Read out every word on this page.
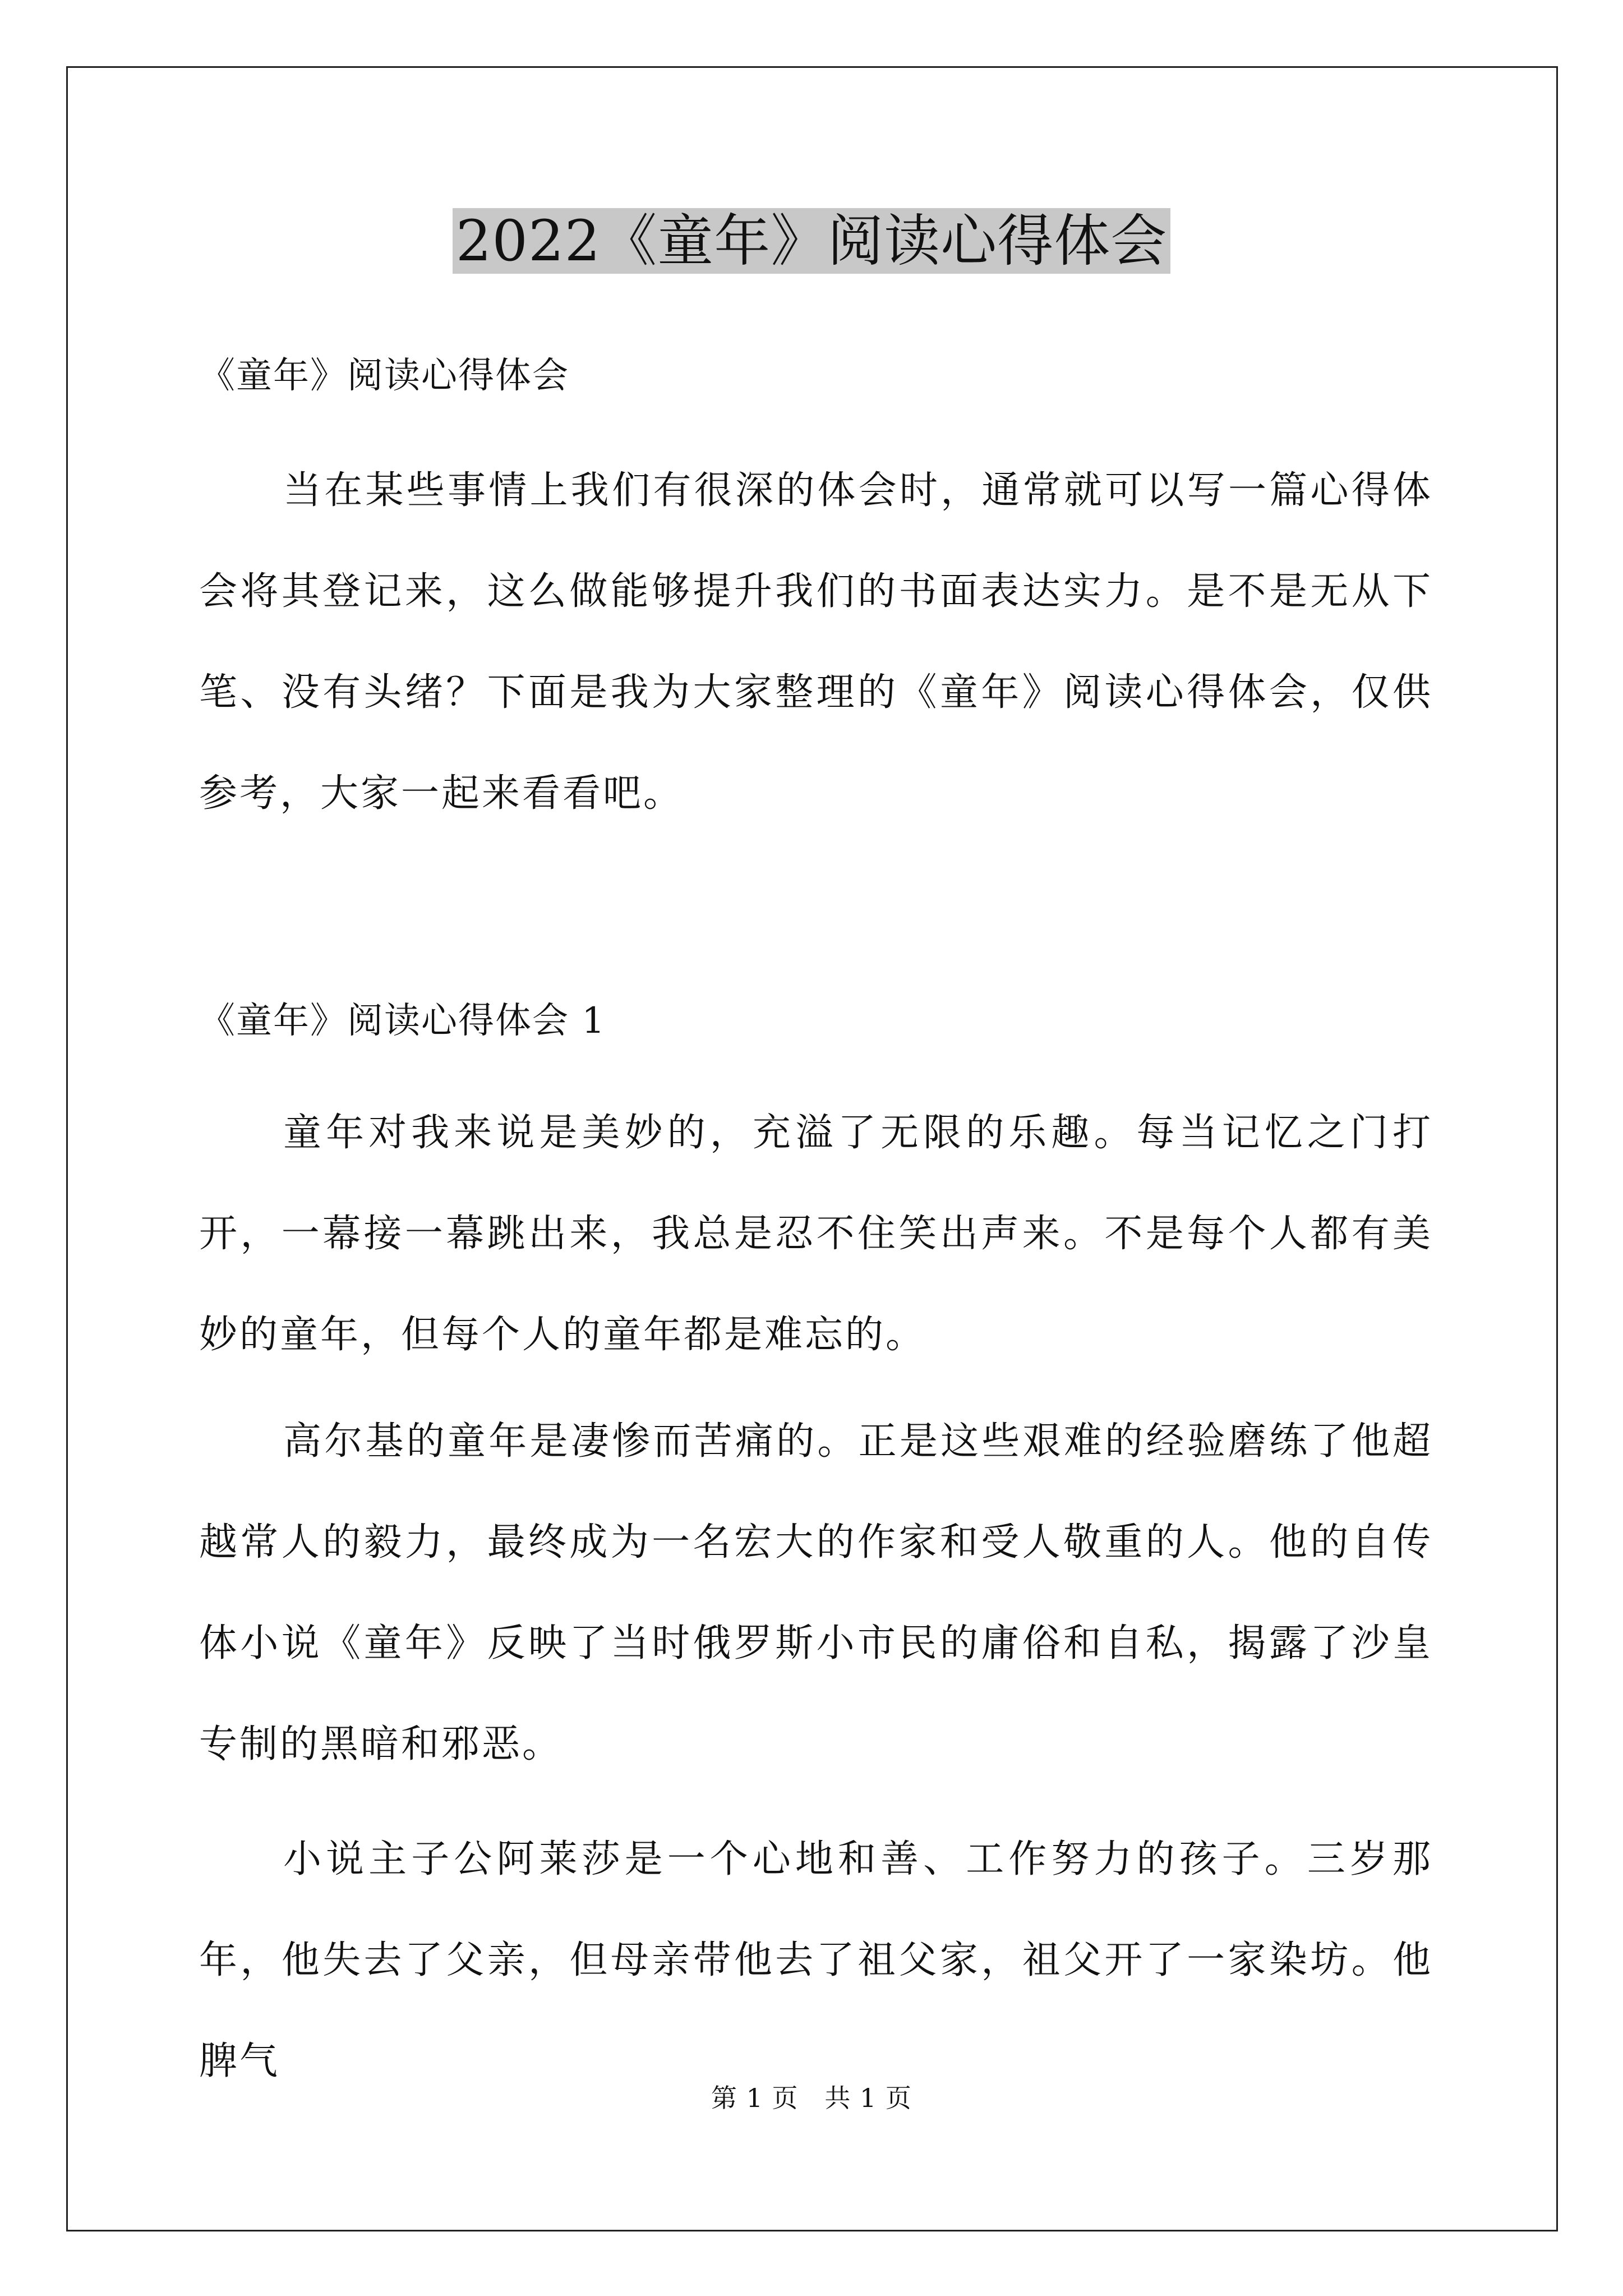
2022《童年》阅读心得体会
《童年》阅读心得体会

当在某些事情上我们有很深的体会时，通常就可以写一篇心得体会将其登记来，这么做能够提升我们的书面表达实力。是不是无从下笔、没有头绪？下面是我为大家整理的《童年》阅读心得体会，仅供参考，大家一起来看看吧。

《童年》阅读心得体会 1

童年对我来说是美妙的，充溢了无限的乐趣。每当记忆之门打开，一幕接一幕跳出来，我总是忍不住笑出声来。不是每个人都有美妙的童年，但每个人的童年都是难忘的。

高尔基的童年是凄惨而苦痛的。正是这些艰难的经验磨练了他超越常人的毅力，最终成为一名宏大的作家和受人敬重的人。他的自传体小说《童年》反映了当时俄罗斯小市民的庸俗和自私，揭露了沙皇专制的黑暗和邪恶。

小说主子公阿莱莎是一个心地和善、工作努力的孩子。三岁那年，他失去了父亲，但母亲带他去了祖父家，祖父开了一家染坊。他脾气

第 1 页   共 1 页
